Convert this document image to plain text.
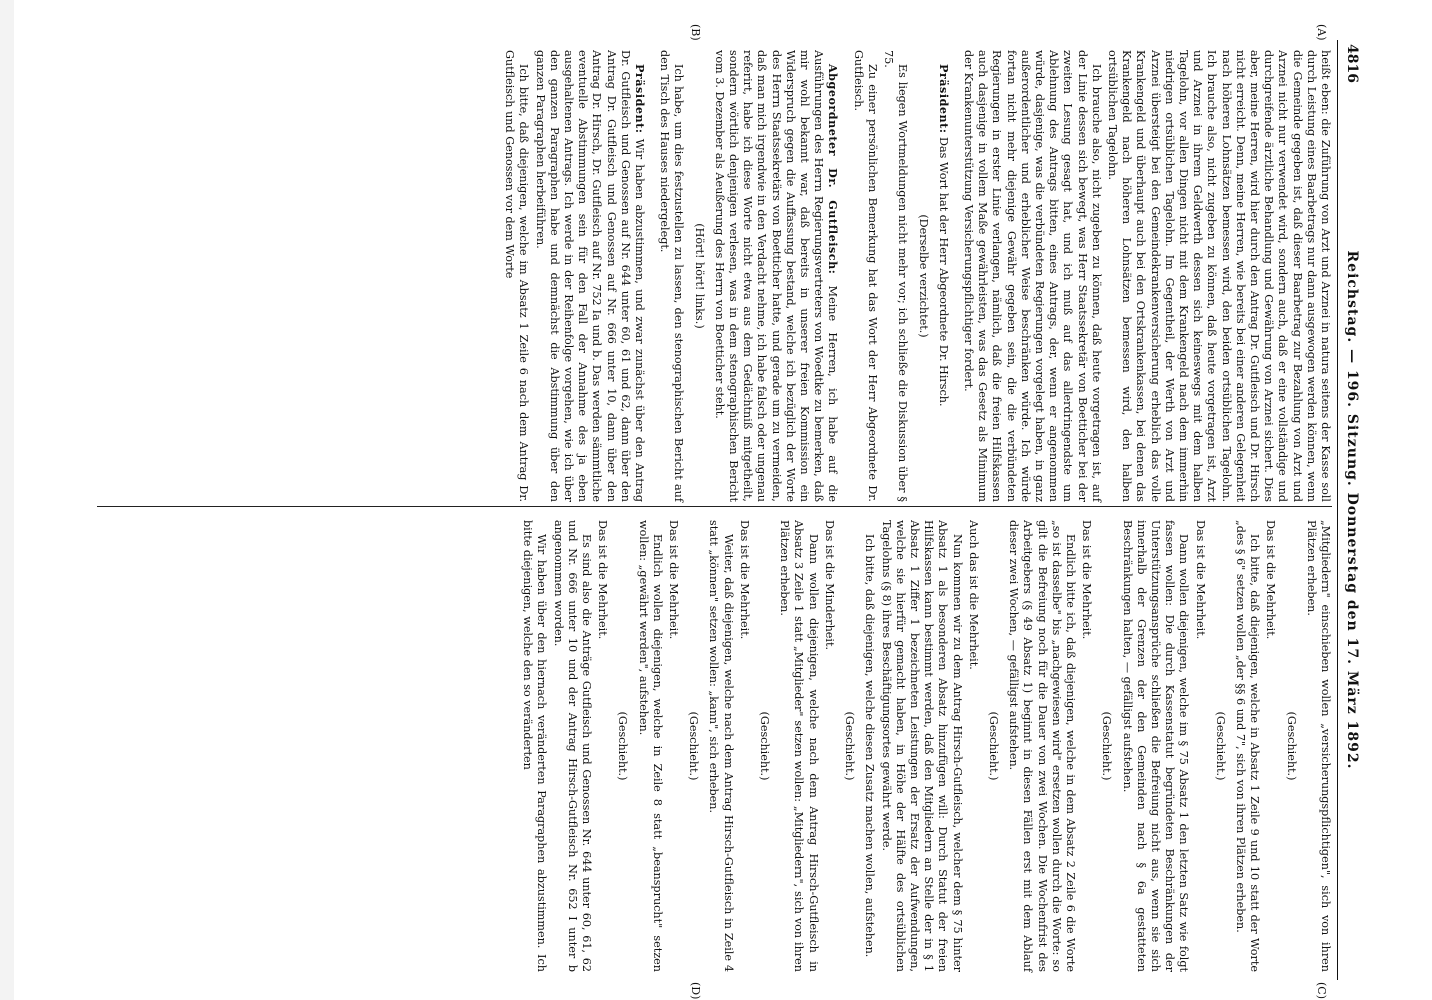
4816
Reichstag. — 196. Sitzung. Donnerstag den 17. März 1892.
(A)
(B)
(C)
(D)

heißt eben: die Zuführung von Arzt und Arznei in natura seitens der Kasse soll durch Leistung eines Baarbetrags nur dann ausgewogen werden können, wenn die Gemeinde gegeben ist, daß dieser Baarbetrag zur Bezahlung von Arzt und Arznei nicht nur verwendet wird, sondern auch, daß er eine vollständige und durchgreifende ärztliche Behandlung und Gewährung von Arznei sichert. Dies aber, meine Herren, wird hier durch den Antrag Dr. Gutfleisch und Dr. Hirsch nicht erreicht. Denn, meine Herren, wie bereits bei einer anderen Gelegenheit nach höheren Lohnsätzen bemessen wird, den beiden ortsüblichen Tagelohn. Ich brauche also, nicht zugeben zu können, daß heute vorgetragen ist, Arzt und Arznei in ihrem Geldwerth dessen sich keineswegs mit dem halben Tagelohn, vor allen Dingen nicht mit dem Krankengeld nach dem immerhin niedrigen ortsüblichen Tagelohn. Im Gegentheil, der Werth von Arzt und Arznei übersteigt bei den Gemeindekrankenversicherung erheblich das volle Krankengeld und überhaupt auch bei den Ortskrankenkassen, bei denen das Krankengeld nach höheren Lohnsätzen bemessen wird, den halben ortsüblichen Tagelohn.

Ich brauche also, nicht zugeben zu können, daß heute vorgetragen ist, auf der Linie dessen sich bewegt, was Herr Staatssekretär von Boetticher bei der zweiten Lesung gesagt hat, und ich muß auf das allerdringendste um Ablehnung des Antrags bitten, eines Antrags, der, wenn er angenommen würde, dasjenige, was die verbündeten Regierungen vorgelegt haben, in ganz außerordentlicher und erheblicher Weise beschränken würde. Ich würde fortan nicht mehr diejenige Gewähr gegeben sein, die die verbündeten Regierungen in erster Linie verlangen, nämlich, daß die freien Hilfskassen auch dasjenige in vollem Maße gewährleisten, was das Gesetz als Minimum der Krankenunterstützung Versicherungspflichtiger fordert.

Präsident: Das Wort hat der Herr Abgeordnete Dr. Hirsch.

(Derselbe verzichtet.)

Es liegen Wortmeldungen nicht mehr vor; ich schließe die Diskussion über § 75.

Zu einer persönlichen Bemerkung hat das Wort der Herr Abgeordnete Dr. Gutfleisch.

Abgeordneter Dr. Gutfleisch: Meine Herren, ich habe auf die Ausführungen des Herrn Regierungsvertreters von Woedtke zu bemerken, daß mir wohl bekannt war, daß bereits in unserer freien Kommission ein Widerspruch gegen die Auffassung bestand, welche ich bezüglich der Worte des Herrn Staatssekretärs von Boetticher hatte, und gerade um zu vermeiden, daß man mich irgendwie in den Verdacht nehme, ich habe falsch oder ungenau referirt, habe ich diese Worte nicht etwa aus dem Gedächtniß mitgetheilt, sondern wörtlich denjenigen verlesen, was in dem stenographischen Bericht vom 3. Dezember als Aeußerung des Herrn von Boetticher steht.

(Hört! hört! links.)

Ich habe, um dies festzustellen zu lassen, den stenographischen Bericht auf den Tisch des Hauses niedergelegt.

Präsident: Wir haben abzustimmen, und zwar zunächst über den Antrag Dr. Gutfleisch und Genossen auf Nr. 644 unter 60, 61 und 62, dann über den Antrag Dr. Gutfleisch und Genossen auf Nr. 666 unter 10, dann über den Antrag Dr. Hirsch, Dr. Gutfleisch auf Nr. 752 Ia und b. Das werden sämmtliche eventuelle Abstimmungen sein für den Fall der Annahme des ja eben ausgehaltenen Antrags. Ich werde in der Reihenfolge vorgehen, wie ich über den ganzen Paragraphen habe und demnächst die Abstimmung über den ganzen Paragraphen herbeiführen.

Ich bitte, daß diejenigen, welche im Absatz 1 Zeile 6 nach dem Antrag Dr. Gutfleisch und Genossen vor dem Worte

„Mitgliedern" einschieben wollen „versicherungspflichtigen", sich von ihren Plätzen erheben.

(Geschieht.)

Das ist die Mehrheit.

Ich bitte, daß diejenigen, welche in Absatz 1 Zeile 9 und 10 statt der Worte „des § 6" setzen wollen „der §§ 6 und 7", sich von ihren Plätzen erheben.

(Geschieht.)

Das ist die Mehrheit.

Dann wollen diejenigen, welche im § 75 Absatz 1 den letzten Satz wie folgt fassen wollen: Die durch Kassenstatut begründeten Beschränkungen der Unterstützungsansprüche schließen die Befreiung nicht aus, wenn sie sich innerhalb der Grenzen der den Gemeinden nach § 6a gestatteten Beschränkungen halten, — gefälligst aufstehen.

(Geschieht.)

Das ist die Mehrheit.

Endlich bitte ich, daß diejenigen, welche in dem Absatz 2 Zeile 6 die Worte „so ist dasselbe" bis „nachgewiesen wird" ersetzen wollen durch die Worte: so gilt die Befreiung noch für die Dauer von zwei Wochen. Die Wochenfrist des Arbeitgebers (§ 49 Absatz 1) beginnt in diesen Fällen erst mit dem Ablauf dieser zwei Wochen, — gefälligst aufstehen.

(Geschieht.)

Auch das ist die Mehrheit.

Nun kommen wir zu dem Antrag Hirsch-Gutfleisch, welcher dem § 75 hinter Absatz 1 als besonderen Absatz hinzufügen will: Durch Statut der freien Hilfskassen kann bestimmt werden, daß den Mitgliedern an Stelle der in § 1 Absatz 1 Ziffer 1 bezeichneten Leistungen der Ersatz der Aufwendungen, welche sie hierfür gemacht haben, in Höhe der Hälfte des ortsüblichen Tagelohns (§ 8) ihres Beschäftigungsortes gewährt werde.

Ich bitte, daß diejenigen, welche diesen Zusatz machen wollen, aufstehen.

(Geschieht.)

Das ist die Minderheit.

Dann wollen diejenigen, welche nach dem Antrag Hirsch-Gutfleisch in Absatz 3 Zeile 1 statt „Mitglieder" setzen wollen: „Mitgliedern", sich von ihren Plätzen erheben.

(Geschieht.)

Das ist die Mehrheit.

Weiter, daß diejenigen, welche nach dem Antrag Hirsch-Gutfleisch in Zeile 4 statt „können" setzen wollen: „kann", sich erheben.

(Geschieht.)

Das ist die Mehrheit.

Endlich wollen diejenigen, welche in Zeile 8 statt „beansprucht" setzen wollen: „gewährt werden", aufstehen.

(Geschieht.)

Das ist die Mehrheit.

Es sind also die Anträge Gutfleisch und Genossen Nr. 644 unter 60, 61, 62 und Nr. 666 unter 10 und der Antrag Hirsch-Gutfleisch Nr. 652 I unter b angenommen worden.

Wir haben über den hiernach veränderten Paragraphen abzustimmen. Ich bitte diejenigen, welche den so veränderten
